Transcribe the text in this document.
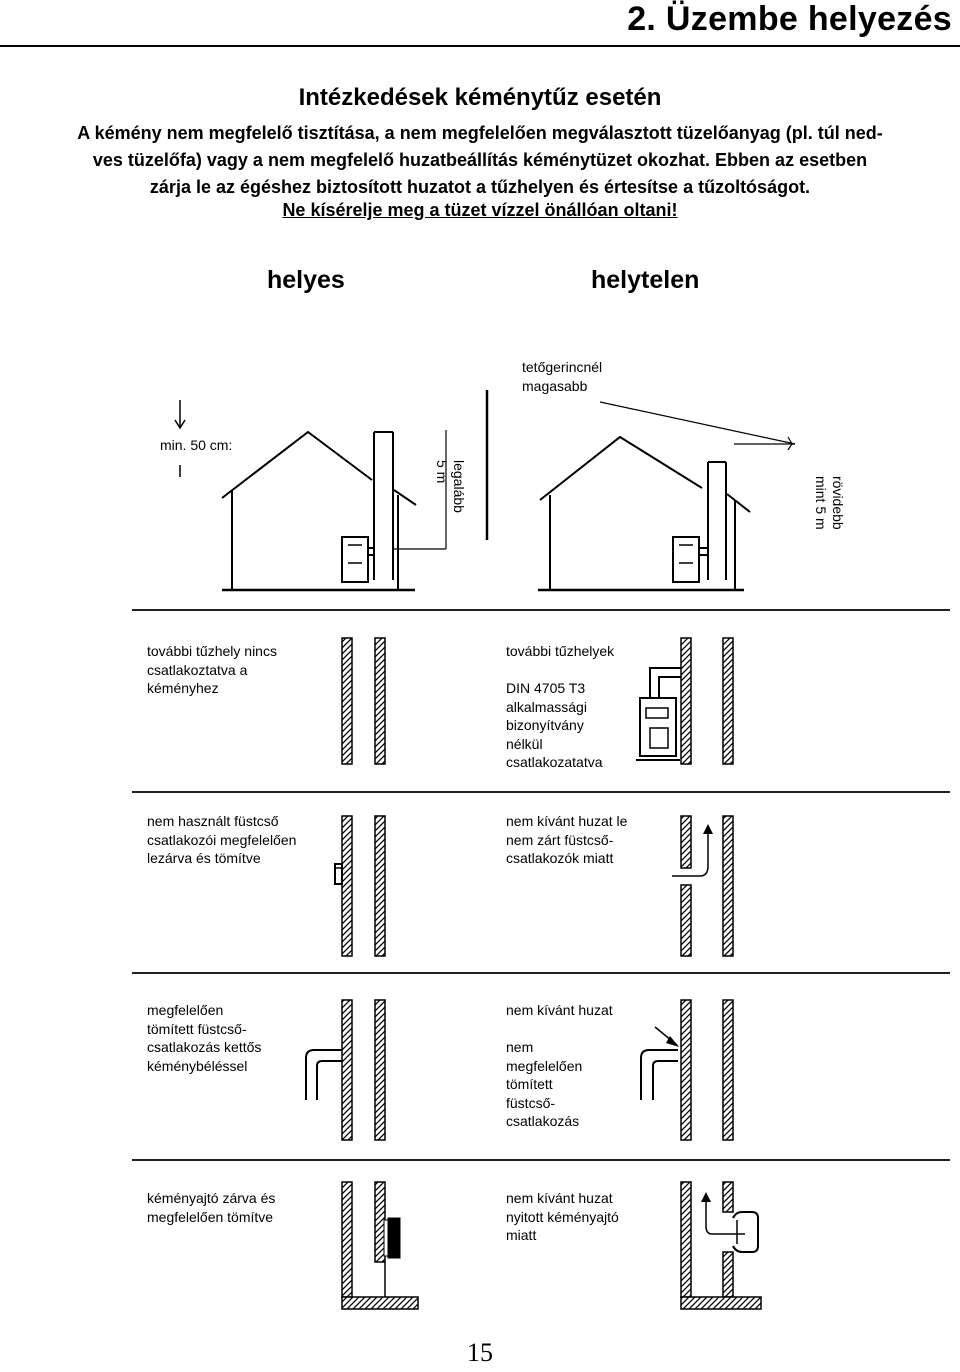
2. Üzembe helyezés
Intézkedések kéménytűz esetén
A kémény nem megfelelő tisztítása, a nem megfelelően megválasztott tüzelőanyag (pl. túl ned-
ves tüzelőfa) vagy a nem megfelelő huzatbeállítás kéménytüzet okozhat. Ebben az esetben
zárja le az égéshez biztosított huzatot a tűzhelyen és értesítse a tűzoltóságot.
Ne kísérelje meg a tüzet vízzel önállóan oltani!
helyes	helytelen
tetőgerincnél
magasabb
min. 50 cm:
legalább
5 m
rövidebb
mint 5 m
további tűzhely nincs
csatlakoztatva a
kéményhez
további tűzhelyek
DIN 4705 T3
alkalmassági
bizonyítvány
nélkül
csatlakozatatva
nem használt füstcső
csatlakozói megfelelően
lezárva és tömítve
nem kívánt huzat le
nem zárt füstcső-
csatlakozók miatt
megfelelően
tömített füstcső-
csatlakozás kettős
kéménybéléssel
nem kívánt huzat
nem
megfelelően
tömített
füstcső-
csatlakozás
kéményajtó zárva és
megfelelően tömítve
nem kívánt huzat
nyitott kéményajtó
miatt
15
